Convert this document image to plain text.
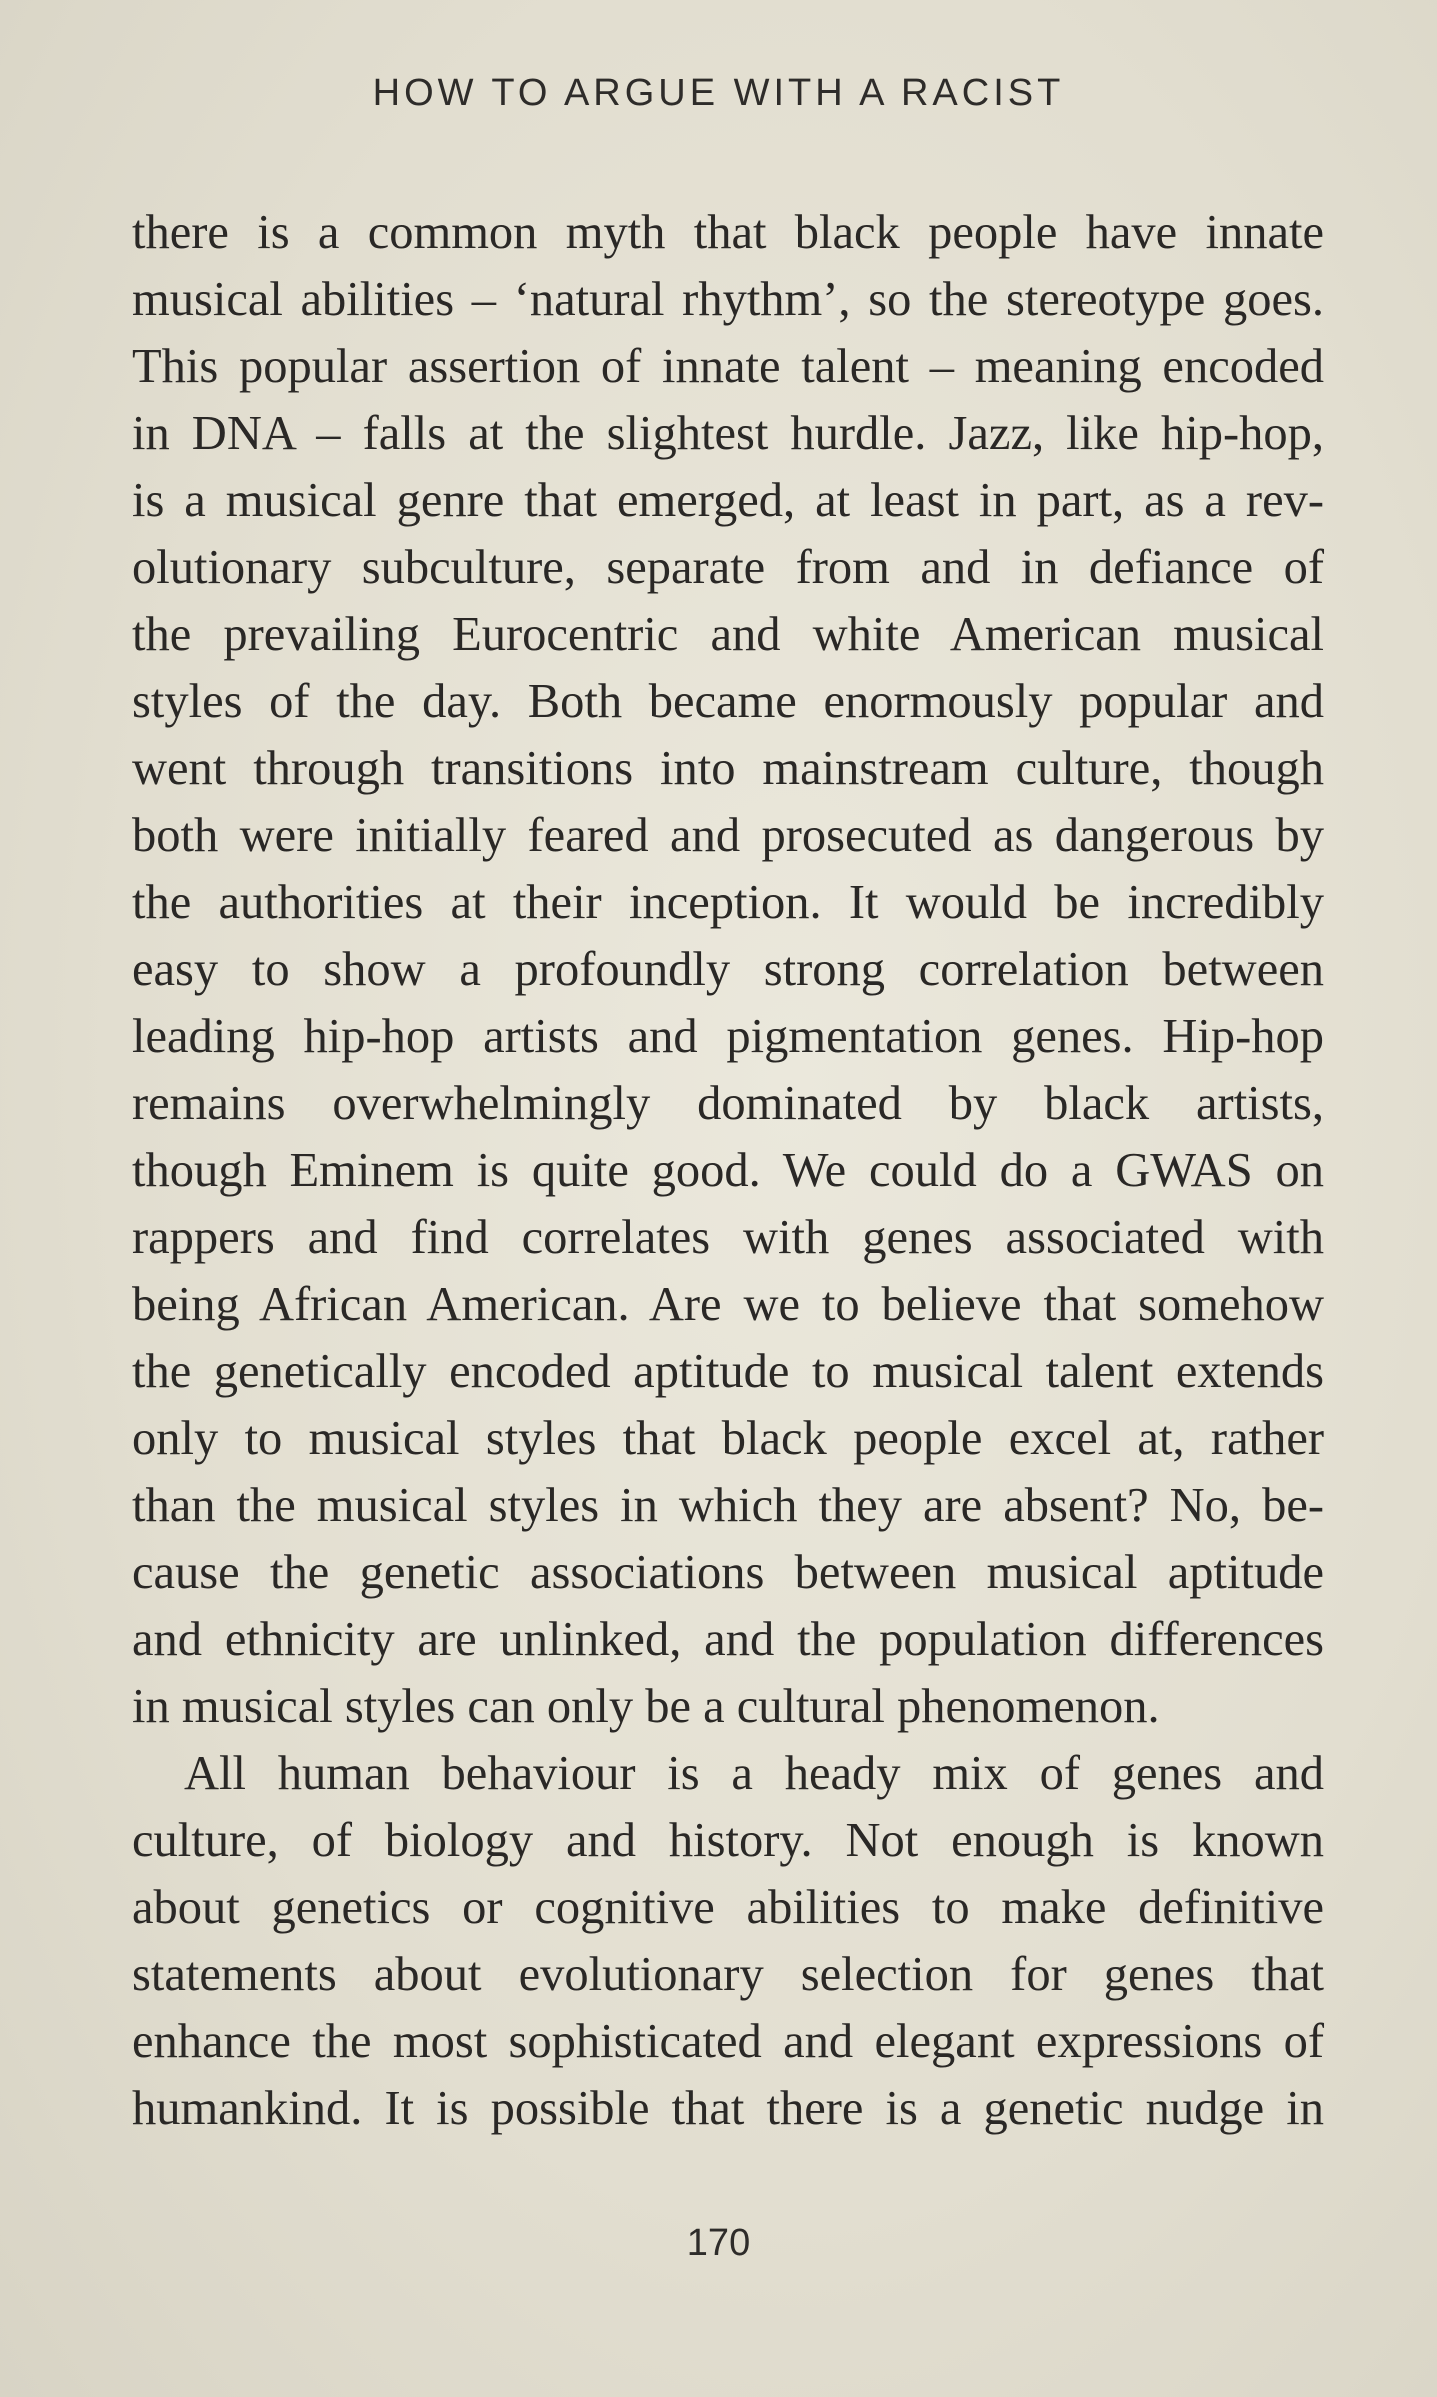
HOW TO ARGUE WITH A RACIST
there is a common myth that black people have innate
musical abilities – ‘natural rhythm’, so the stereotype goes.
This popular assertion of innate talent – meaning encoded
in DNA – falls at the slightest hurdle. Jazz, like hip-hop,
is a musical genre that emerged, at least in part, as a rev-
olutionary subculture, separate from and in defiance of
the prevailing Eurocentric and white American musical
styles of the day. Both became enormously popular and
went through transitions into mainstream culture, though
both were initially feared and prosecuted as dangerous by
the authorities at their inception. It would be incredibly
easy to show a profoundly strong correlation between
leading hip-hop artists and pigmentation genes. Hip-hop
remains overwhelmingly dominated by black artists,
though Eminem is quite good. We could do a GWAS on
rappers and find correlates with genes associated with
being African American. Are we to believe that somehow
the genetically encoded aptitude to musical talent extends
only to musical styles that black people excel at, rather
than the musical styles in which they are absent? No, be-
cause the genetic associations between musical aptitude
and ethnicity are unlinked, and the population differences
in musical styles can only be a cultural phenomenon.
All human behaviour is a heady mix of genes and
culture, of biology and history. Not enough is known
about genetics or cognitive abilities to make definitive
statements about evolutionary selection for genes that
enhance the most sophisticated and elegant expressions of
humankind. It is possible that there is a genetic nudge in
170
